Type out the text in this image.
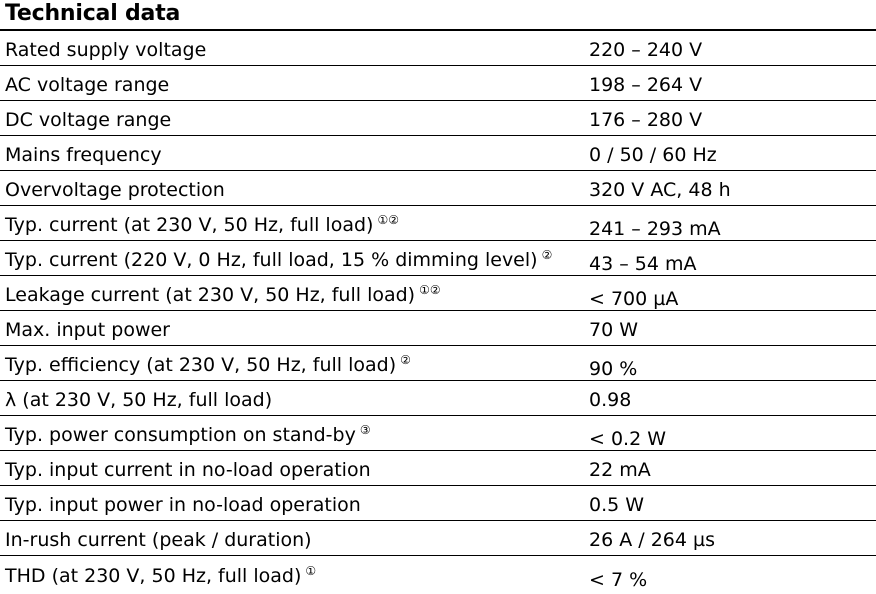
Technical data
Rated supply voltage	220 – 240 V
AC voltage range	198 – 264 V
DC voltage range	176 – 280 V
Mains frequency	0 / 50 / 60 Hz
Overvoltage protection	320 V AC, 48 h
Typ. current (at 230 V, 50 Hz, full load) ①②	241 – 293 mA
Typ. current (220 V, 0 Hz, full load, 15 % dimming level) ② 43 – 54 mA
Leakage current (at 230 V, 50 Hz, full load) ①②	< 700 µA
Max. input power	70 W
Typ. efficiency (at 230 V, 50 Hz, full load) ②	90 %
λ (at 230 V, 50 Hz, full load)	0.98
Typ. power consumption on stand-by ③	< 0.2 W
Typ. input current in no-load operation	22 mA
Typ. input power in no-load operation	0.5 W
In-rush current (peak / duration)	26 A / 264 µs
THD (at 230 V, 50 Hz, full load) ①	< 7 %
